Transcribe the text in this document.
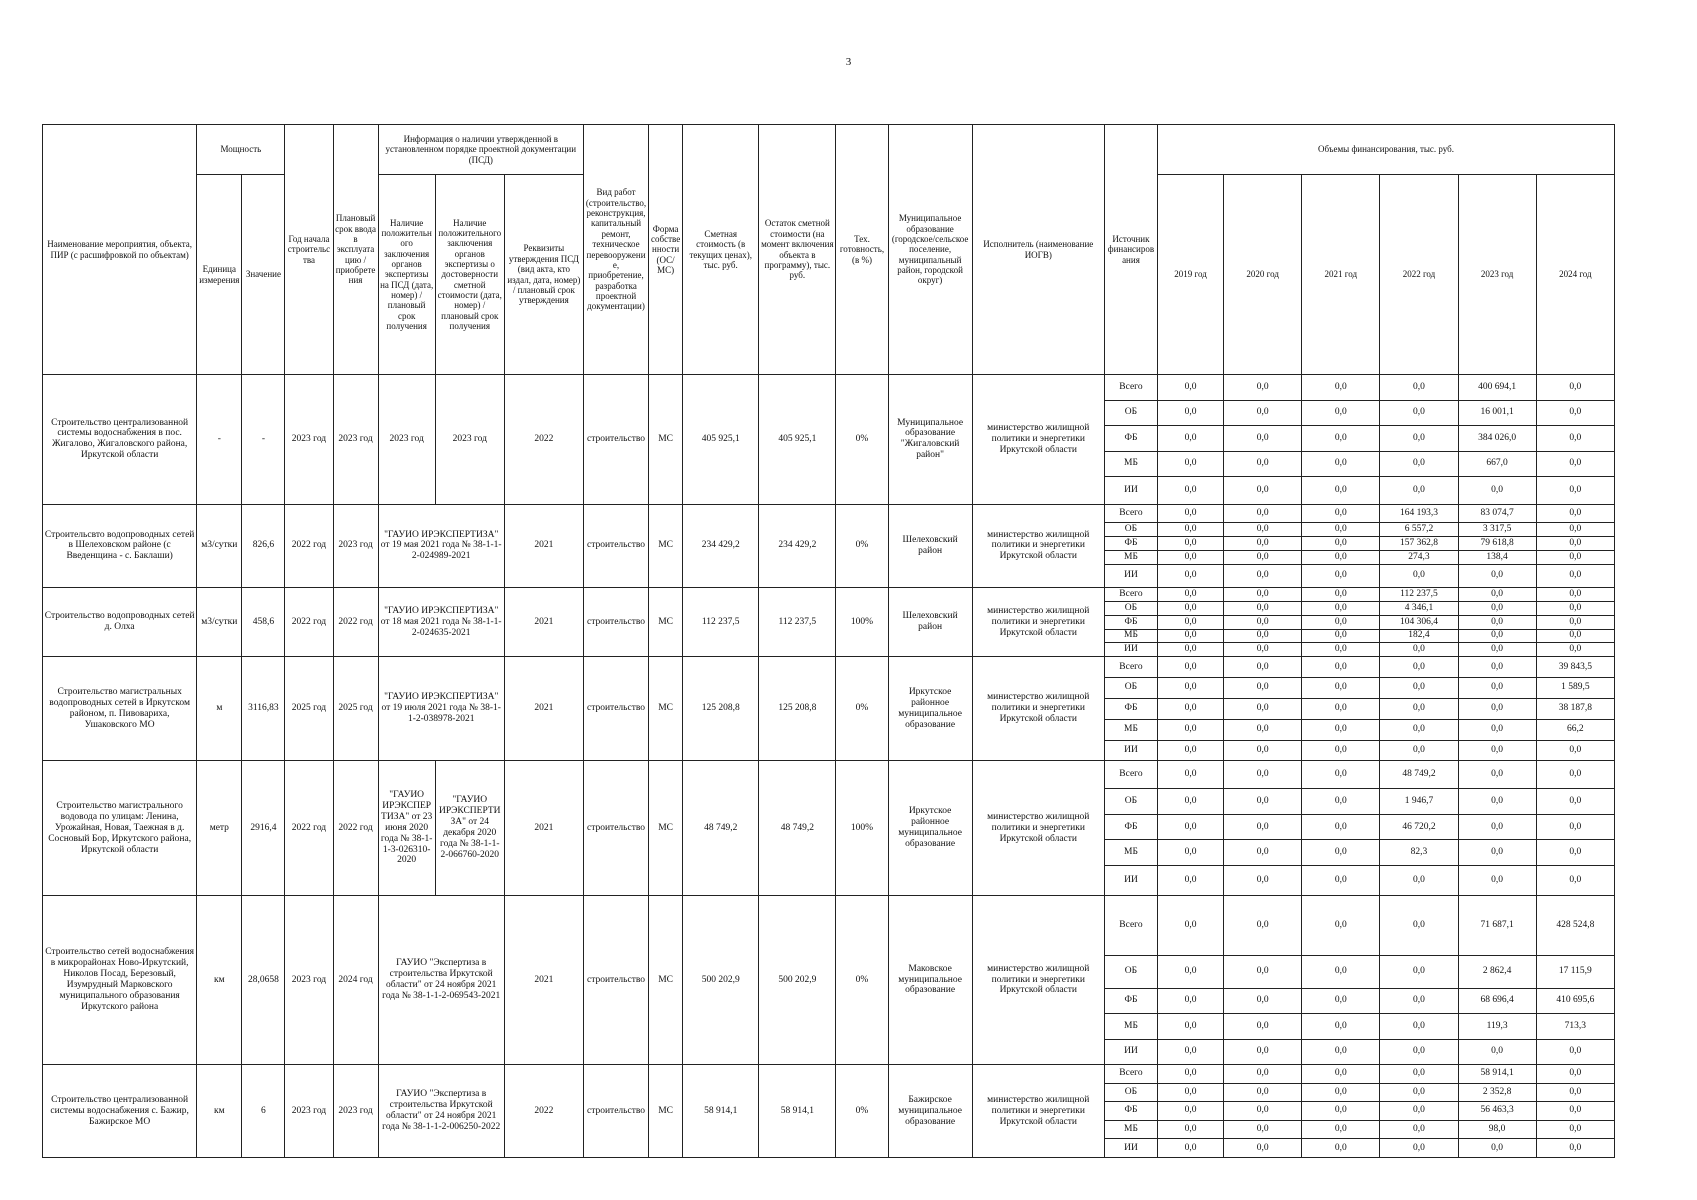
3
Наименование мероприятия, объекта, ПИР (с расшифровкой по объектам)	Мощность		Год начала строительства	Плановый срок ввода в эксплуатацию / приобретения	Информация о наличии утвержденной в установленном порядке проектной документации (ПСД)			Вид работ (строительство, реконструкция, капитальный ремонт, техническое перевооружение, приобретение, разработка проектной документации)	Форма собственности (ОС/МС)	Сметная стоимость (в текущих ценах), тыс. руб.	Остаток сметной стоимости (на момент включения объекта в программу), тыс. руб.	Тех. готовность, (в %)	Муниципальное образование (городское/сельское поселение, муниципальный район, городской округ)	Исполнитель (наименование ИОГВ)	Источник финансирования	Объемы финансирования, тыс. руб.					
	Единица измерения	Значение			Наличие положительного заключения органов экспертизы на ПСД (дата, номер) / плановый срок получения	Наличие положительного заключения органов экспертизы о достоверности сметной стоимости (дата, номер) / плановый срок получения	Реквизиты утверждения ПСД (вид акта, кто издал, дата, номер) / плановый срок утверждения									2019 год	2020 год	2021 год	2022 год	2023 год	2024 год
Строительство централизованной системы водоснабжения в пос. Жигалово, Жигаловского района, Иркутской области	-	-	2023 год	2023 год	2023 год	2023 год	2022	строительство	МС	405 925,1	405 925,1	0%	Муниципальное образование "Жигаловский район"	министерство жилищной политики и энергетики Иркутской области	Всего	0,0	0,0	0,0	0,0	400 694,1	0,0
															ОБ	0,0	0,0	0,0	0,0	16 001,1	0,0
															ФБ	0,0	0,0	0,0	0,0	384 026,0	0,0
															МБ	0,0	0,0	0,0	0,0	667,0	0,0
															ИИ	0,0	0,0	0,0	0,0	0,0	0,0
Строительсвто водопроводных сетей в Шелеховском районе (с Введенщина - с. Баклаши)	м3/сутки	826,6	2022 год	2023 год	"ГАУИО ИРЭКСПЕРТИЗА" от 19 мая 2021 года № 38-1-1-2-024989-2021		2021	строительство	МС	234 429,2	234 429,2	0%	Шелеховский район	министерство жилищной политики и энергетики Иркутской области	Всего	0,0	0,0	0,0	164 193,3	83 074,7	0,0
															ОБ	0,0	0,0	0,0	6 557,2	3 317,5	0,0
															ФБ	0,0	0,0	0,0	157 362,8	79 618,8	0,0
															МБ	0,0	0,0	0,0	274,3	138,4	0,0
															ИИ	0,0	0,0	0,0	0,0	0,0	0,0
Строительство водопроводных сетей д. Олха	м3/сутки	458,6	2022 год	2022 год	"ГАУИО ИРЭКСПЕРТИЗА" от 18 мая 2021 года № 38-1-1-2-024635-2021		2021	строительство	МС	112 237,5	112 237,5	100%	Шелеховский район	министерство жилищной политики и энергетики Иркутской области	Всего	0,0	0,0	0,0	112 237,5	0,0	0,0
															ОБ	0,0	0,0	0,0	4 346,1	0,0	0,0
															ФБ	0,0	0,0	0,0	104 306,4	0,0	0,0
															МБ	0,0	0,0	0,0	182,4	0,0	0,0
															ИИ	0,0	0,0	0,0	0,0	0,0	0,0
Строительство магистральных водопроводных сетей в Иркутском районом, п. Пивовариха, Ушаковского МО	м	3116,83	2025 год	2025 год	"ГАУИО ИРЭКСПЕРТИЗА" от 19 июля 2021 года № 38-1-1-2-038978-2021		2021	строительство	МС	125 208,8	125 208,8	0%	Иркутское районное муниципальное образование	министерство жилищной политики и энергетики Иркутской области	Всего	0,0	0,0	0,0	0,0	0,0	39 843,5
															ОБ	0,0	0,0	0,0	0,0	0,0	1 589,5
															ФБ	0,0	0,0	0,0	0,0	0,0	38 187,8
															МБ	0,0	0,0	0,0	0,0	0,0	66,2
															ИИ	0,0	0,0	0,0	0,0	0,0	0,0
Строительство магистрального водовода по улицам: Ленина, Урожайная, Новая, Таежная в д. Сосновый Бор, Иркутского района, Иркутской области	метр	2916,4	2022 год	2022 год	"ГАУИО ИРЭКСПЕРТИЗА" от 23 июня 2020 года № 38-1-1-3-026310-2020	"ГАУИО ИРЭКСПЕРТИЗА" от 24 декабря 2020 года № 38-1-1-2-066760-2020	2021	строительство	МС	48 749,2	48 749,2	100%	Иркутское районное муниципальное образование	министерство жилищной политики и энергетики Иркутской области	Всего	0,0	0,0	0,0	48 749,2	0,0	0,0
															ОБ	0,0	0,0	0,0	1 946,7	0,0	0,0
															ФБ	0,0	0,0	0,0	46 720,2	0,0	0,0
															МБ	0,0	0,0	0,0	82,3	0,0	0,0
															ИИ	0,0	0,0	0,0	0,0	0,0	0,0
Строительство сетей водоснабжения в микрорайонах Ново-Иркутский, Николов Посад, Березовый, Изумрудный Марковского муниципального образования Иркутского района	км	28,0658	2023 год	2024 год	ГАУИО "Экспертиза в строительства Иркутской области" от 24 ноября 2021 года № 38-1-1-2-069543-2021		2021	строительство	МС	500 202,9	500 202,9	0%	Маковское муниципальное образование	министерство жилищной политики и энергетики Иркутской области	Всего	0,0	0,0	0,0	0,0	71 687,1	428 524,8
															ОБ	0,0	0,0	0,0	0,0	2 862,4	17 115,9
															ФБ	0,0	0,0	0,0	0,0	68 696,4	410 695,6
															МБ	0,0	0,0	0,0	0,0	119,3	713,3
															ИИ	0,0	0,0	0,0	0,0	0,0	0,0
Строительство централизованной системы водоснабжения с. Бажир, Бажирское МО	км	6	2023 год	2023 год	ГАУИО "Экспертиза в строительства Иркутской области" от 24 ноября 2021 года № 38-1-1-2-006250-2022		2022	строительство	МС	58 914,1	58 914,1	0%	Бажирское муниципальное образование	министерство жилищной политики и энергетики Иркутской области	Всего	0,0	0,0	0,0	0,0	58 914,1	0,0
															ОБ	0,0	0,0	0,0	0,0	2 352,8	0,0
															ФБ	0,0	0,0	0,0	0,0	56 463,3	0,0
															МБ	0,0	0,0	0,0	0,0	98,0	0,0
															ИИ	0,0	0,0	0,0	0,0	0,0	0,0
